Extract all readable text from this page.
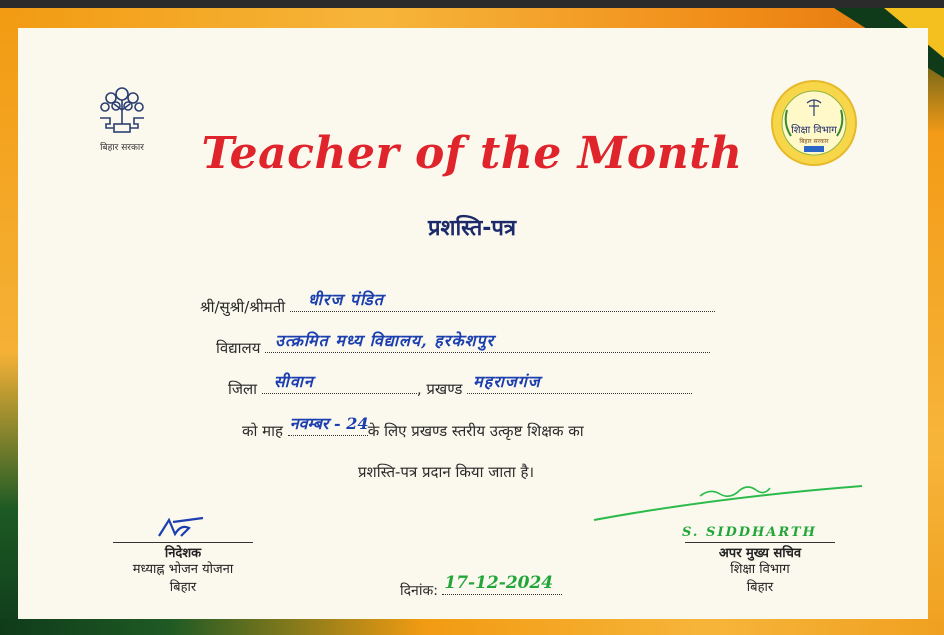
बिहार सरकार
शिक्षा विभाग
बिहार सरकार
Teacher of the Month
प्रशस्ति-पत्र
श्री/सुश्री/श्रीमती धीरज पंडित
विद्यालय उत्क्रमित मध्य विद्यालय, हरकेशपुर
जिला सीवान	, प्रखण्ड महराजगंज
को माह नवम्बर - 24 के लिए प्रखण्ड स्तरीय उत्कृष्ट शिक्षक का
प्रशस्ति-पत्र प्रदान किया जाता है।
निदेशक
मध्याह्न भोजन योजना
बिहार	दिनांक: 17-12-2024
S. SIDDHARTH
अपर मुख्य सचिव
शिक्षा विभाग
बिहार
